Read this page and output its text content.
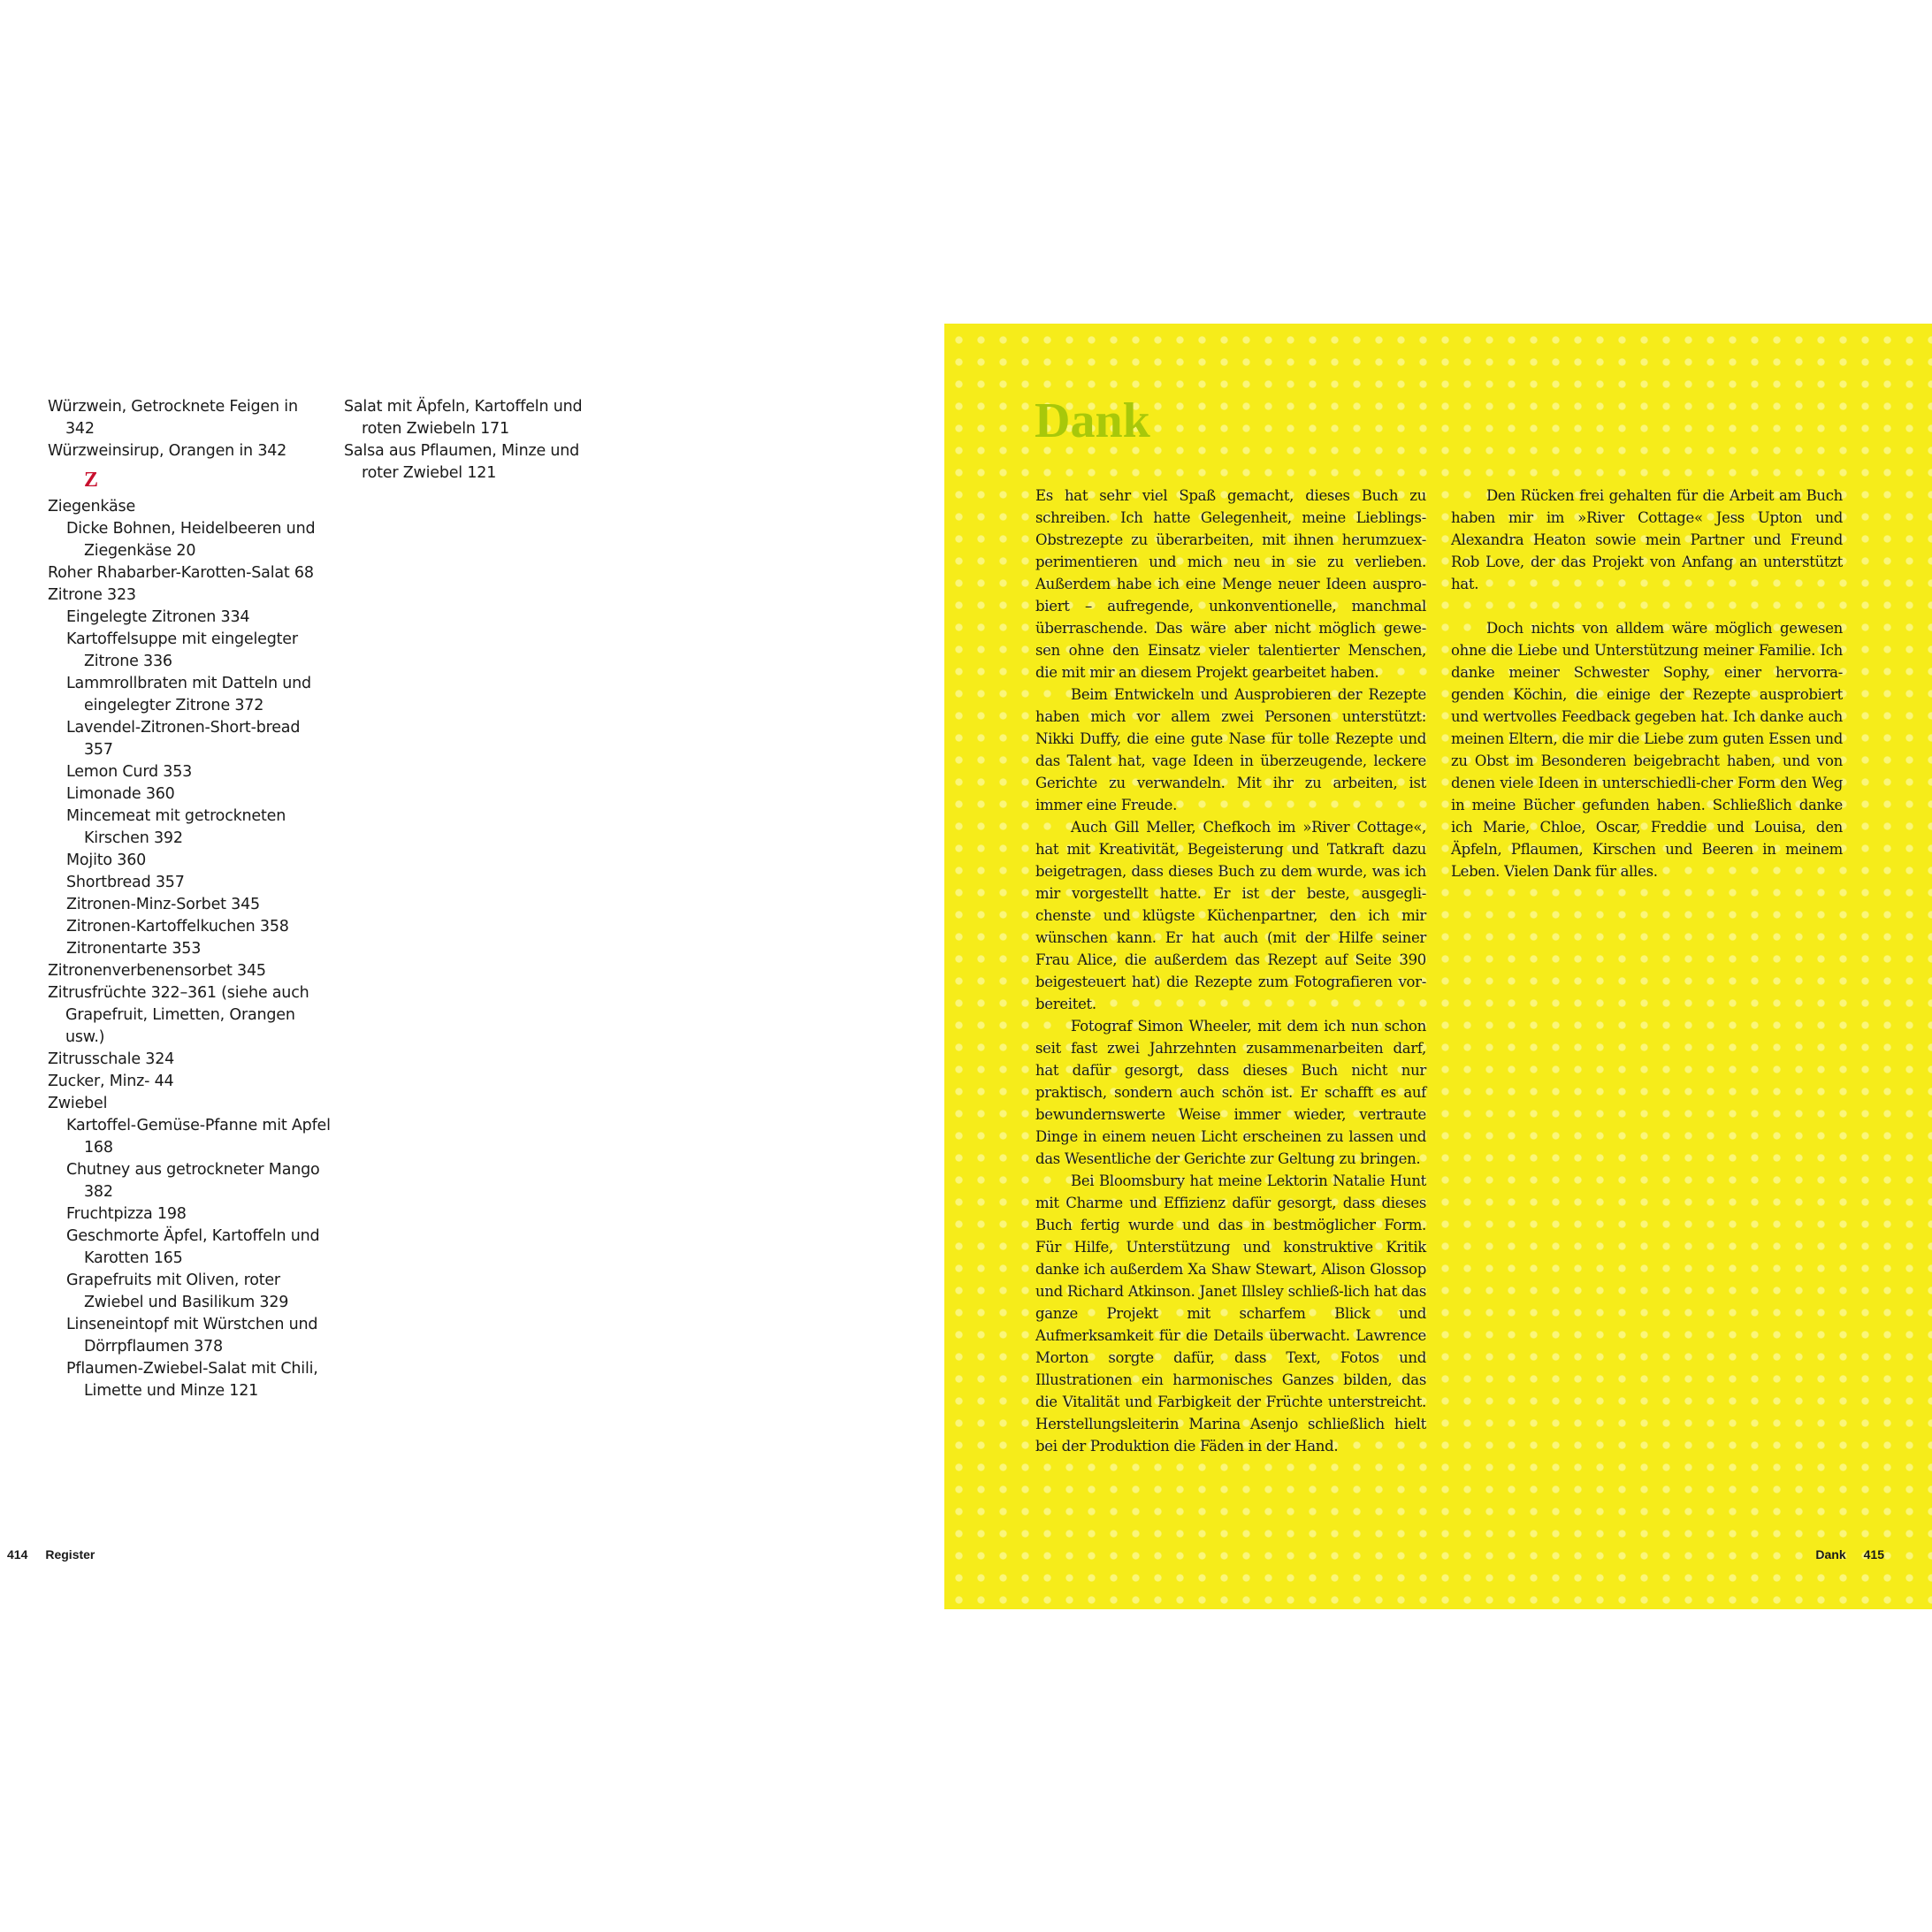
Würzwein, Getrocknete Feigen in 342
Würzweinsirup, Orangen in 342
Z
Ziegenkäse
Dicke Bohnen, Heidelbeeren und Ziegenkäse 20
Roher Rhabarber-Karotten-Salat 68
Zitrone 323
Eingelegte Zitronen 334
Kartoffelsuppe mit eingelegter Zitrone 336
Lammrollbraten mit Datteln und eingelegter Zitrone 372
Lavendel-Zitronen-Short-​bread 357
Lemon Curd 353
Limonade 360
Mincemeat mit getrockneten Kirschen 392
Mojito 360
Shortbread 357
Zitronen-Minz-Sorbet 345
Zitronen-Kartoffelkuchen 358
Zitronentarte 353
Zitronenverbenensorbet 345
Zitrusfrüchte 322–361 (siehe auch Grapefruit, Limetten, Orangen usw.)
Zitrusschale 324
Zucker, Minz- 44
Zwiebel
Kartoffel-Gemüse-Pfanne mit Apfel 168
Chutney aus getrockneter Mango 382
Fruchtpizza 198
Geschmorte Äpfel, Kartoffeln und Karotten 165
Grapefruits mit Oliven, roter Zwiebel und Basilikum 329
Linseneintopf mit Würstchen und Dörrpflaumen 378
Pflaumen-Zwiebel-Salat mit Chili, Limette und Minze 121
Salat mit Äpfeln, Kartoffeln und roten Zwiebeln 171
Salsa aus Pflaumen, Minze und roter Zwiebel 121
414 Register
Dank

Es hat sehr viel Spaß gemacht, dieses Buch zu schreiben. Ich hatte Gelegenheit, meine Lieblings-Obstrezepte zu überarbeiten, mit ihnen herumzuex-perimentieren und mich neu in sie zu verlieben. Außerdem habe ich eine Menge neuer Ideen auspro-biert – aufregende, unkonventionelle, manchmal überraschende. Das wäre aber nicht möglich gewe-sen ohne den Einsatz vieler talentierter Menschen, die mit mir an diesem Projekt gearbeitet haben.

Beim Entwickeln und Ausprobieren der Rezepte haben mich vor allem zwei Personen unterstützt: Nikki Duffy, die eine gute Nase für tolle Rezepte und das Talent hat, vage Ideen in überzeugende, leckere Gerichte zu verwandeln. Mit ihr zu arbeiten, ist immer eine Freude.

Auch Gill Meller, Chefkoch im »River Cottage«, hat mit Kreativität, Begeisterung und Tatkraft dazu beigetragen, dass dieses Buch zu dem wurde, was ich mir vorgestellt hatte. Er ist der beste, ausgegli-chenste und klügste Küchenpartner, den ich mir wünschen kann. Er hat auch (mit der Hilfe seiner Frau Alice, die außerdem das Rezept auf Seite 390 beigesteuert hat) die Rezepte zum Fotografieren vor-bereitet.

Fotograf Simon Wheeler, mit dem ich nun schon seit fast zwei Jahrzehnten zusammenarbeiten darf, hat dafür gesorgt, dass dieses Buch nicht nur praktisch, sondern auch schön ist. Er schafft es auf bewundernswerte Weise immer wieder, vertraute Dinge in einem neuen Licht erscheinen zu lassen und das Wesentliche der Gerichte zur Geltung zu bringen.

Bei Bloomsbury hat meine Lektorin Natalie Hunt mit Charme und Effizienz dafür gesorgt, dass dieses Buch fertig wurde und das in bestmöglicher Form. Für Hilfe, Unterstützung und konstruktive Kritik danke ich außerdem Xa Shaw Stewart, Alison Glossop und Richard Atkinson. Janet Illsley schließ-lich hat das ganze Projekt mit scharfem Blick und Aufmerksamkeit für die Details überwacht. Lawrence Morton sorgte dafür, dass Text, Fotos und Illustrationen ein harmonisches Ganzes bilden, das die Vitalität und Farbigkeit der Früchte unterstreicht. Herstellungsleiterin Marina Asenjo schließlich hielt bei der Produktion die Fäden in der Hand.

Den Rücken frei gehalten für die Arbeit am Buch haben mir im »River Cottage« Jess Upton und Alexandra Heaton sowie mein Partner und Freund Rob Love, der das Projekt von Anfang an unterstützt hat.

Doch nichts von alldem wäre möglich gewesen ohne die Liebe und Unterstützung meiner Familie. Ich danke meiner Schwester Sophy, einer hervorra-genden Köchin, die einige der Rezepte ausprobiert und wertvolles Feedback gegeben hat. Ich danke auch meinen Eltern, die mir die Liebe zum guten Essen und zu Obst im Besonderen beigebracht haben, und von denen viele Ideen in unterschiedli-cher Form den Weg in meine Bücher gefunden haben. Schließlich danke ich Marie, Chloe, Oscar, Freddie und Louisa, den Äpfeln, Pflaumen, Kirschen und Beeren in meinem Leben. Vielen Dank für alles.

Dank 415
